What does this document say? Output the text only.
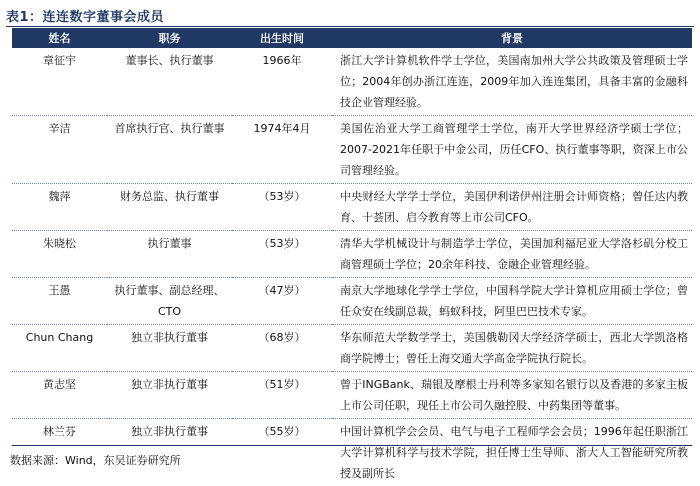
表1：连连数字董事会成员
姓名	职务	出生时间	背景
章征宇	董事长、执行董事	1966年	浙江大学计算机软件学士学位，美国南加州大学公共政策及管理硕士学位；2004年创办浙江连连，2009年加入连连集团，具备丰富的金融科技企业管理经验。
辛洁	首席执行官、执行董事	1974年4月	美国佐治亚大学工商管理学士学位，南开大学世界经济学硕士学位；2007-2021年任职于中金公司，历任CFO、执行董事等职，资深上市公司管理经验。
魏萍	财务总监、执行董事	（53岁）	中央财经大学学士学位，美国伊利诺伊州注册会计师资格；曾任达内教育、十荟团、启今教育等上市公司CFO。
朱晓松	执行董事	（53岁）	清华大学机械设计与制造学士学位，美国加利福尼亚大学洛杉矶分校工商管理硕士学位；20余年科技、金融企业管理经验。
王愚	执行董事、副总经理、CTO	（47岁）	南京大学地球化学学士学位，中国科学院大学计算机应用硕士学位；曾任众安在线副总裁，蚂蚁科技，阿里巴巴技术专家。
Chun Chang	独立非执行董事	（68岁）	华东师范大学数学学士，美国俄勒冈大学经济学硕士，西北大学凯洛格商学院博士；曾任上海交通大学高金学院执行院长。
黄志坚	独立非执行董事	（51岁）	曾于INGBank、瑞银及摩根士丹利等多家知名银行以及香港的多家主板上市公司任职，现任上市公司久融控股、中药集团等董事。
林兰芬	独立非执行董事	（55岁）	中国计算机学会会员、电气与电子工程师学会会员；1996年起任职浙江大学计算机科学与技术学院，担任博士生导师、浙大人工智能研究所教授及副所长
数据来源：Wind，东吴证券研究所
